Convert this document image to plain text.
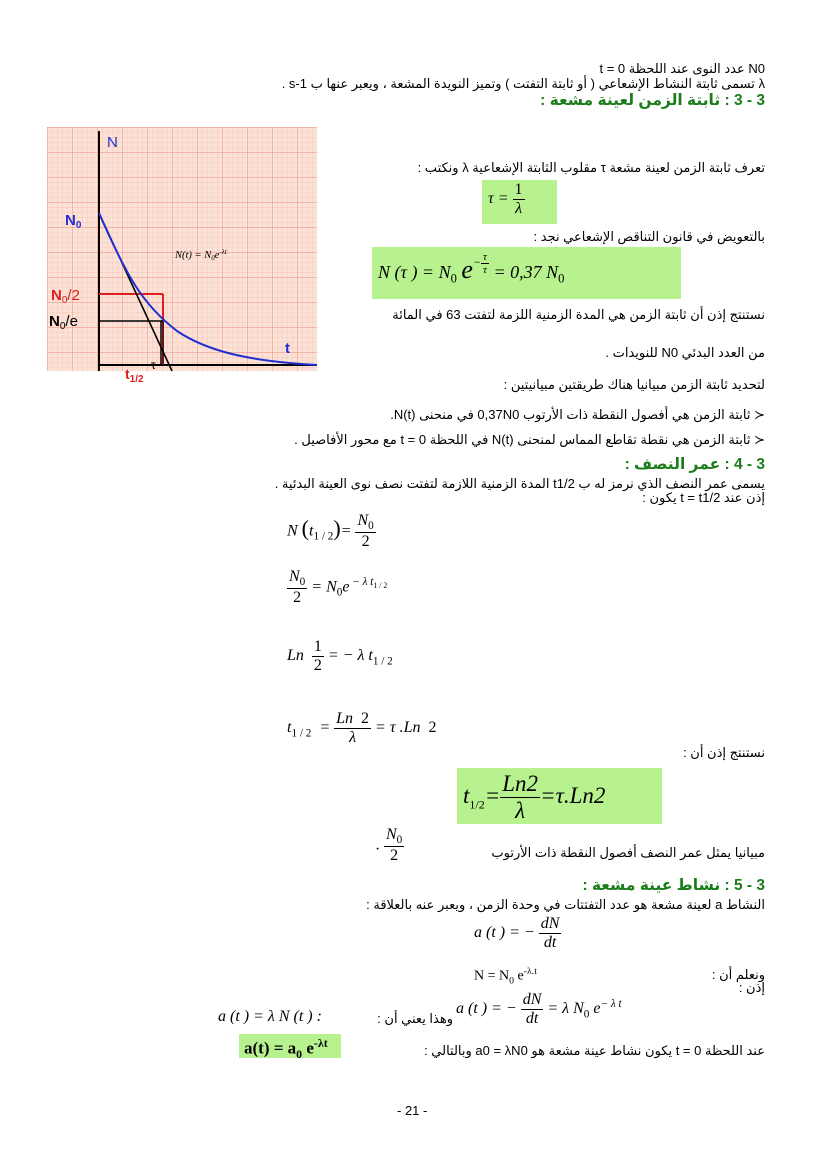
N0 عدد النوى عند اللحظة t = 0
λ تسمى ثابتة النشاط الإشعاعي ( أو ثابتة التفتت ) وتميز النويدة المشعة ، ويعبر عنها ب s-1 .
3 - 3 : ثابتة الزمن لعينة مشعة :
N
t
$N_0$
$N_0/2$
$N_0/e$
$t_{1/2}$
τ
$N(t) = N0e^{-\lambda t}$
تعرف ثابتة الزمن لعينة مشعة τ مقلوب الثابتة الإشعاعية λ ونكتب :
$\tau = \frac{1}{\lambda}$
بالتعويض في قانون التناقص الإشعاعي نجد :
N (τ ) = $N_0$ $e^- \frac{\tau}{\tau} = 0,37$ $N_0$
نستنتج إذن أن ثابتة الزمن هي المدة الزمنية اللزمة لتفتت 63 في المائة
من العدد البدئي N0 للنويدات .
لتحديد ثابتة الزمن مبيانيا هناك طريقتين مبيانيتين :
≺ ثابتة الزمن هي أفصول النقطة ذات الأرتوب 0,37N0 في منحنى N(t).
≺ ثابتة الزمن هي نقطة تقاطع المماس لمنحنى N(t) في اللحظة t = 0 مع محور الأفاصيل .
3 - 4 : عمر النصف :
يسمى عمر النصف الذي نرمز له ب t1/2 المدة الزمنية اللازمة لتفتت نصف نوى العينة البدئية .
إذن عند t = t1/2 يكون :
N $(t_{1 / 2})= \frac{N_0}{2}$
$\frac{N_0}{2} = N_0e$ $^{- \lambda t_{1 / 2}}$
Ln $\frac{1}{2}$ = − λ $t_{1 / 2}$
$t_{1 / 2} = \frac{Ln 2}{\lambda} = \tau$ .Ln  2
نستنتج إذن أن :
$t_{1/2}= \frac{Ln2}{\lambda} =\tau.Ln2$
مبيانيا يمثل عمر النصف أفصول النقطة ذات الأرتوب
. $\frac{N_0}{2}$
3 - 5 : نشاط عينة مشعة :
النشاط a لعينة مشعة هو عدد التفتتات في وحدة الزمن ، ويعبر عنه بالعلاقة :
a (t ) = − $\frac{dN}{dt}$
ونعلم أن :
إذن :
$N = N_0$ $e^{-\lambda.t}$
a (t ) = − $\frac{dN}{dt} = \lambda$ $N_0$ $e^{- \lambda t}$
وهذا يعني أن :
a (t ) = λ N (t ) :
عند اللحظة t = 0 يكون نشاط عينة مشعة هو a0 = λN0 وبالتالي :
$a(t) = a_0$ $e^{-\lambda t}$
- 21 -
